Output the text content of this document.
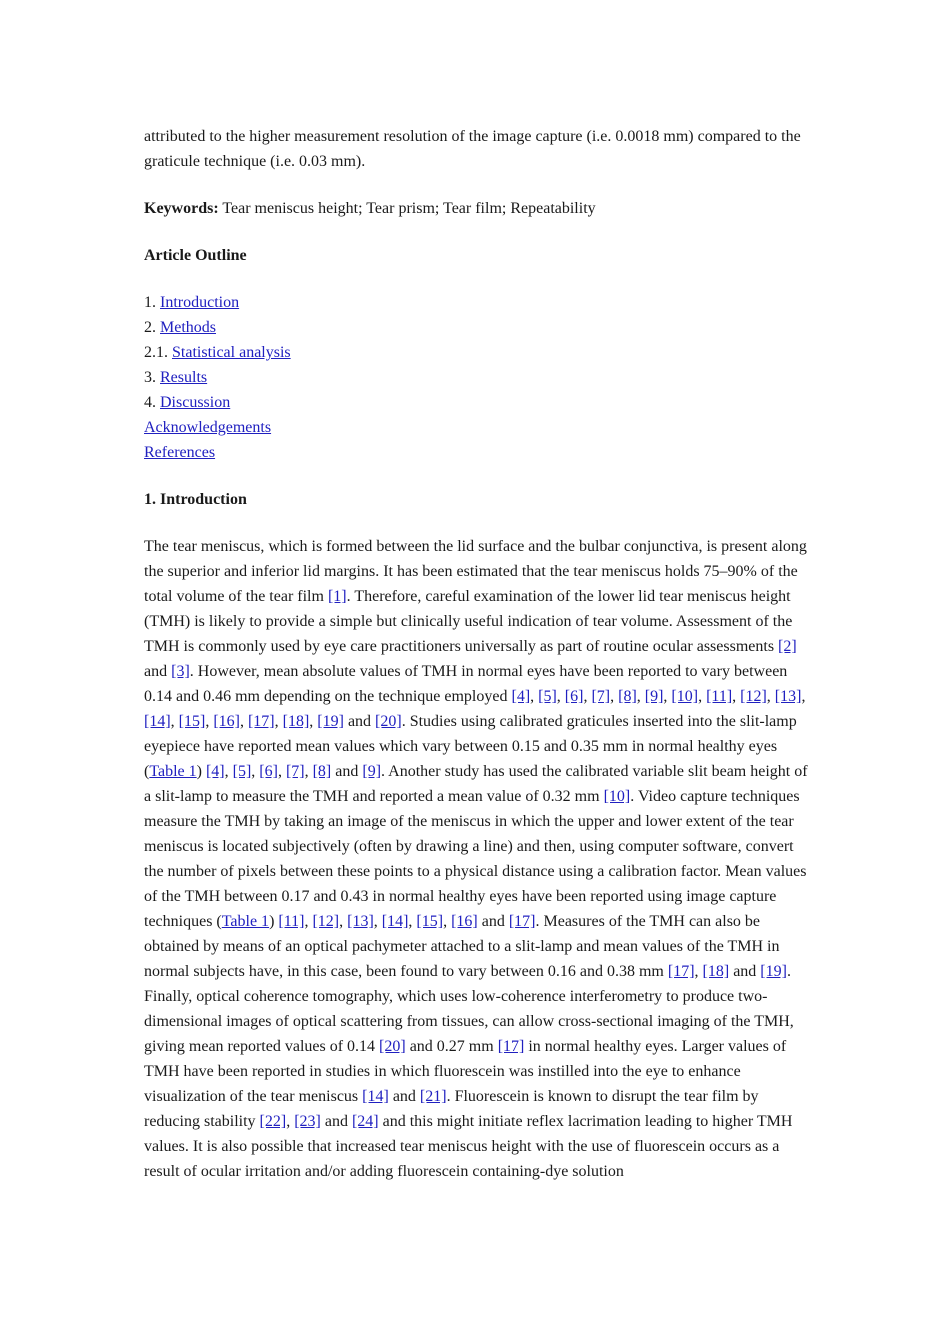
attributed to the higher measurement resolution of the image capture (i.e. 0.0018 mm) compared to the graticule technique (i.e. 0.03 mm).

Keywords: Tear meniscus height; Tear prism; Tear film; Repeatability

Article Outline
1. Introduction
2. Methods
2.1. Statistical analysis
3. Results
4. Discussion
Acknowledgements
References
1. Introduction

The tear meniscus, which is formed between the lid surface and the bulbar conjunctiva, is present along the superior and inferior lid margins. It has been estimated that the tear meniscus holds 75–90% of the total volume of the tear film [1]. Therefore, careful examination of the lower lid tear meniscus height (TMH) is likely to provide a simple but clinically useful indication of tear volume. Assessment of the TMH is commonly used by eye care practitioners universally as part of routine ocular assessments [2] and [3]. However, mean absolute values of TMH in normal eyes have been reported to vary between 0.14 and 0.46 mm depending on the technique employed [4], [5], [6], [7], [8], [9], [10], [11], [12], [13], [14], [15], [16], [17], [18], [19] and [20]. Studies using calibrated graticules inserted into the slit-lamp eyepiece have reported mean values which vary between 0.15 and 0.35 mm in normal healthy eyes (Table 1) [4], [5], [6], [7], [8] and [9]. Another study has used the calibrated variable slit beam height of a slit-lamp to measure the TMH and reported a mean value of 0.32 mm [10]. Video capture techniques measure the TMH by taking an image of the meniscus in which the upper and lower extent of the tear meniscus is located subjectively (often by drawing a line) and then, using computer software, convert the number of pixels between these points to a physical distance using a calibration factor. Mean values of the TMH between 0.17 and 0.43 in normal healthy eyes have been reported using image capture techniques (Table 1) [11], [12], [13], [14], [15], [16] and [17]. Measures of the TMH can also be obtained by means of an optical pachymeter attached to a slit-lamp and mean values of the TMH in normal subjects have, in this case, been found to vary between 0.16 and 0.38 mm [17], [18] and [19]. Finally, optical coherence tomography, which uses low-coherence interferometry to produce two-dimensional images of optical scattering from tissues, can allow cross-sectional imaging of the TMH, giving mean reported values of 0.14 [20] and 0.27 mm [17] in normal healthy eyes. Larger values of TMH have been reported in studies in which fluorescein was instilled into the eye to enhance visualization of the tear meniscus [14] and [21]. Fluorescein is known to disrupt the tear film by reducing stability [22], [23] and [24] and this might initiate reflex lacrimation leading to higher TMH values. It is also possible that increased tear meniscus height with the use of fluorescein occurs as a result of ocular irritation and/or adding fluorescein containing-dye solution
